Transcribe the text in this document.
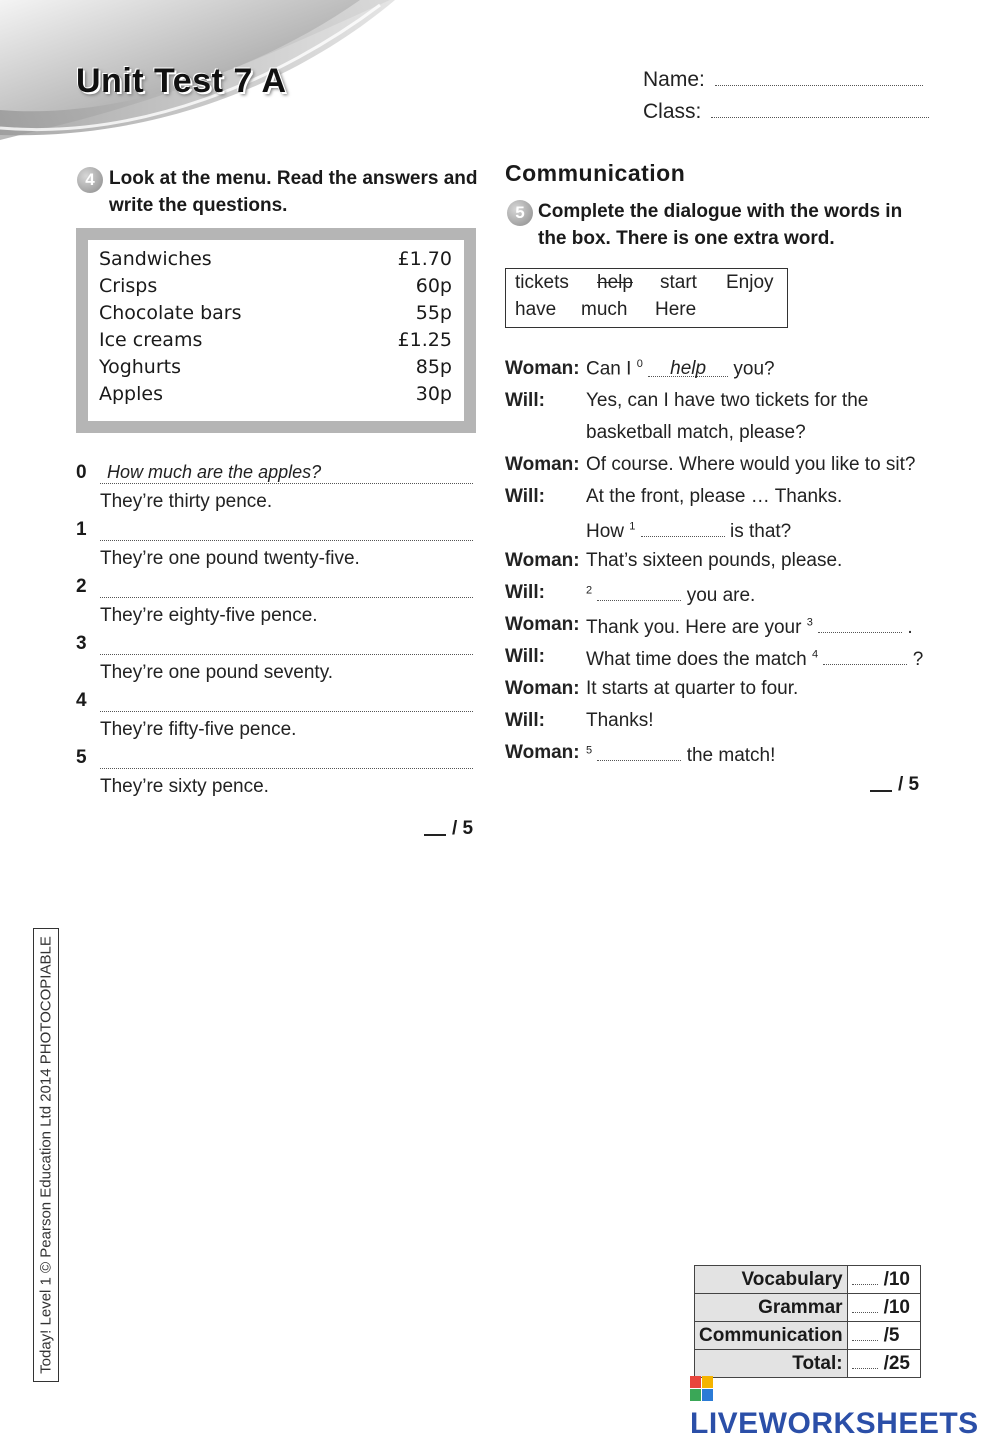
Unit Test 7 A	Name:
Class:
4 Look at the menu. Read the answers and
write the questions.
Sandwiches	£1.70
Crisps	60p
Chocolate bars	55p
Ice creams	£1.25
Yoghurts	85p
Apples	30p
0 How much are the apples?
They’re thirty pence.
1
They’re one pound twenty-five.
2
They’re eighty-five pence.
3
They’re one pound seventy.
4
They’re fifty-five pence.
5
They’re sixty pence.
/ 5
Communication
5 Complete the dialogue with the words in
the box. There is one extra word.
tickets help start Enjoy
have much Here
Woman: Can I $^0$ help you?
Will: Yes, can I have two tickets for the
basketball match, please?
Woman: Of course. Where would you like to sit?
Will: At the front, please … Thanks.
How $^1$	is that?
Woman: That’s sixteen pounds, please.
Will:	$^2$	you are.
Woman: Thank you. Here are your $^3$	.
Will: What time does the match $^4$	?
Woman: It starts at quarter to four.
Will: Thanks!
Woman: $^5$	the match!
/ 5
Today! Level 1 © Pearson Education Ltd 2014 PHOTOCOPIABLE	Vocabulary	/10
Grammar	/10
Communication	/5
Total:	/25
LIVEWORKSHEETS
